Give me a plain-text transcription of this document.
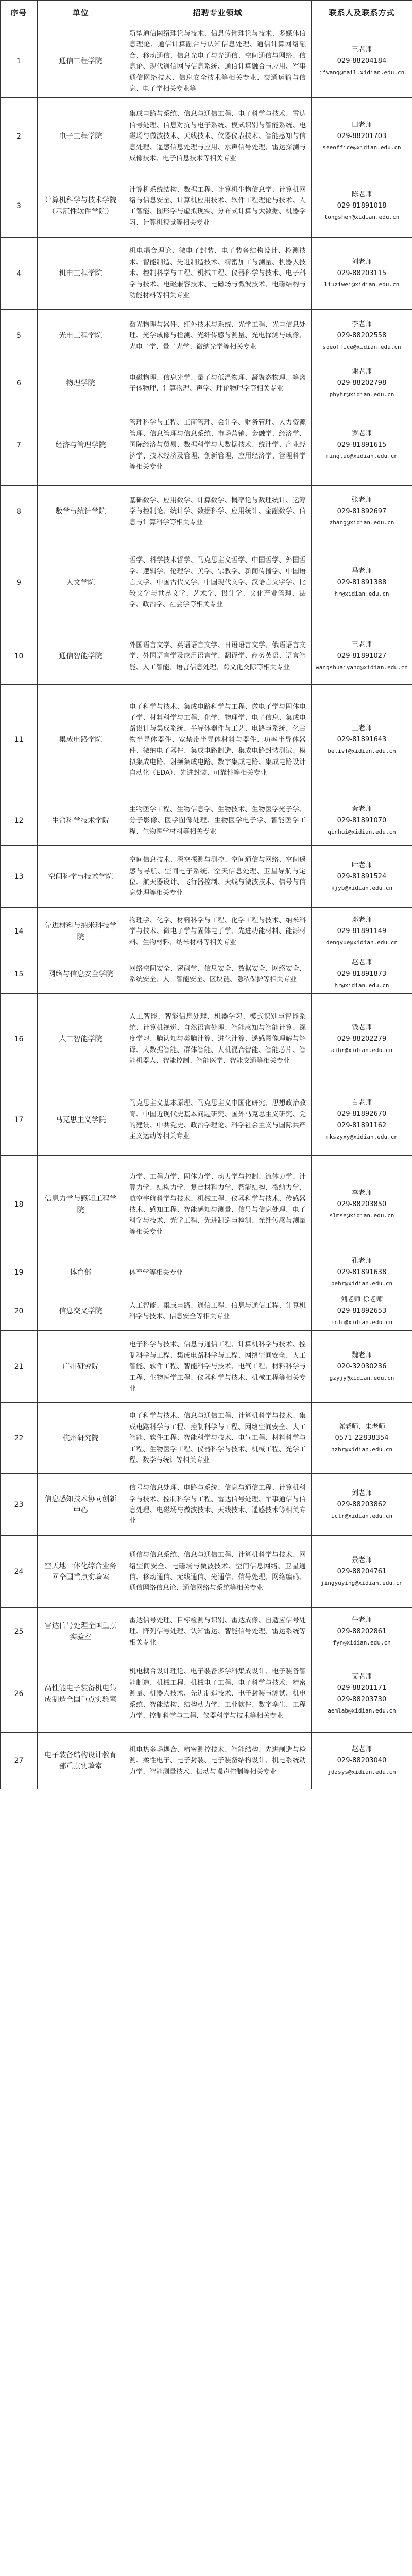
序号	单位	招聘专业领域	联系人及联系方式
1	通信工程学院	新型通信网络理论与技术、信息传输理论与技术、多媒体信息理论、通信计算融合与认知信息处理、通信计算网络融合、移动通信、信息光电子与光通信、空间通信与网络、信息论、现代通信网与信息系统、通信计算融合与应用、军事通信网络技术、信息安全技术等相关专业、交通运输与信息、电子学相关专业等	王老师
029-88204184
jfwang@mail.xidian.edu.cn

2	电子工程学院	集成电路与系统、信息与通信工程、电子科学与技术、雷达信号处理、信息对抗与电子系统、模式识别与智能系统、电磁场与微波技术、天线技术、仪器仪表技术、智能感知与信息处理、遥感信息处理与应用、水声信号处理、雷达探测与成像技术、电子信息技术等相关专业	田老师
029-88201703
seeoffice@xidian.edu.cn

3	计算机科学与技术学院（示范性软件学院）	计算机系统结构、数据工程、计算机生物信息学、计算机网络与信息安全、计算机应用技术、软件工程理论与技术、人工智能、图形学与虚拟现实、分布式计算与大数据、机器学习、计算机视觉等相关专业	陈老师
029-81891018
longshen@xidian.edu.cn

4	机电工程学院	机电耦合理论、微电子封装、电子装备结构设计、检测技术、智能制造、先进制造技术、精密加工与测量、机器人技术、控制科学与工程、机械工程、仪器科学与技术、电子科学与技术、电磁兼容技术、电磁场与微波技术、电磁结构与功能材料等相关专业	刘老师
029-88203115
liuziwei@xidian.edu.cn

5	光电工程学院	激光物理与器件、红外技术与系统、光学工程、光电信息处理、光学成像与检测、光纤传感与测量、光电探测与成像、光电子学、量子光学、微纳光学等相关专业	李老师
029-88202558
soeoffice@xidian.edu.cn

6	物理学院	电磁物理、信息光学、量子与低温物理、凝聚态物理、等离子体物理、计算物理、声学、理论物理学等相关专业	谢老师
029-88202798
phyhr@xidian.edu.cn

7	经济与管理学院	管理科学与工程、工商管理、会计学、财务管理、人力资源管理、信息管理与信息系统、市场营销、金融学、经济学、国际经济与贸易、数据科学与大数据技术、统计学、产业经济学、技术经济及管理、创新管理、应用经济学、管理科学等相关专业	罗老师
029-81891615
mingluo@xidian.edu.cn

8	数学与统计学院	基础数学、应用数学、计算数学、概率论与数理统计、运筹学与控制论、统计学、数据科学、应用统计、金融数学、信息与计算科学等相关专业	张老师
029-81892697
zhang@xidian.edu.cn

9	人文学院	哲学、科学技术哲学、马克思主义哲学、中国哲学、外国哲学、逻辑学、伦理学、美学、宗教学、新闻传播学、中国语言文学、中国古代文学、中国现代文学、汉语言文字学、比较文学与世界文学、艺术学、设计学、文化产业管理、法学、政治学、社会学等相关专业	马老师
029-81891388
hr@xidian.edu.cn

10	通信智能学院	外国语言文学、英语语言文学、日语语言文学、俄语语言文学、外国语言学及应用语言学、翻译学、商务英语、语言智能、人工智能、语言信息处理、跨文化交际等相关专业	王老师
029-81891027
wangshuaiyang@xidian.edu.cn

11	集成电路学院	电子科学与技术、集成电路科学与工程、微电子学与固体电子学、材料科学与工程、化学、物理学、电子信息、集成电路设计与集成系统、半导体器件与工艺、电路与系统、化合物半导体器件、宽禁带半导体材料与器件、功率半导体器件、微纳电子器件、集成电路制造、集成电路封装测试、模拟集成电路、射频集成电路、数字集成电路、集成电路设计自动化（EDA）、先进封装、可靠性等相关专业	王老师
029-81891643
belivf@xidian.edu.cn

12	生命科学技术学院	生物医学工程、生物信息学、生物技术、生物医学光子学、分子影像、医学图像处理、生物医学电子学、智能医学工程、生物医学材料等相关专业	秦老师
029-81891070
qinhui@xidian.edu.cn

13	空间科学与技术学院	空间信息技术、深空探测与测控、空间通信与网络、空间遥感与导航、空间电子系统、空天信息处理、卫星导航与定位、航天器设计、飞行器控制、天线与微波技术、信号与信息处理等相关专业	叶老师
029-81891524
kjyb@xidian.edu.cn

14	先进材料与纳米科技学院	物理学、化学、材料科学与工程、化学工程与技术、纳米科学与技术、微电子学与固体电子学、先进功能材料、能源材料、生物材料、纳米材料等相关专业	邓老师
029-81891149
dengyue@xidian.edu.cn

15	网络与信息安全学院	网络空间安全、密码学、信息安全、数据安全、网络安全、系统安全、人工智能安全、区块链、隐私保护等相关专业	赵老师
029-81891873
hr@xidian.edu.cn

16	人工智能学院	人工智能、智能信息处理、机器学习、模式识别与智能系统、计算机视觉、自然语言处理、智能感知与智能计算、深度学习、脑认知与类脑计算、进化计算、遥感图像理解与解译、大数据智能、群体智能、人机混合智能、智能芯片、智能机器人、智能控制、智能医学、智能交通等相关专业	钱老师
029-88202279
aihr@xidian.edu.cn

17	马克思主义学院	马克思主义基本原理、马克思主义中国化研究、思想政治教育、中国近现代史基本问题研究、国外马克思主义研究、党的建设、中共党史、政治学理论、科学社会主义与国际共产主义运动等相关专业	白老师
029-81892670
029-81891162
mkszyxy@xidian.edu.cn

18	信息力学与感知工程学院	力学、工程力学、固体力学、动力学与控制、流体力学、计算力学、结构力学、复合材料力学、智能结构、微纳力学、航空宇航科学与技术、机械工程、仪器科学与技术、传感器技术、感知工程、智能感知与测量、信号与信息处理、电子科学与技术、光学工程、先进制造与检测、光纤传感与测量等相关专业	李老师
029-88203850
slmse@xidian.edu.cn

19	体育部	体育学等相关专业	孔老师
029-81891638
pehr@xidian.edu.cn

20	信息交叉学院	人工智能、集成电路、通信工程、信息与通信工程、计算机科学与技术、信息安全等相关专业	刘老师 徐老师
029-81892653
info@xidian.edu.cn

21	广州研究院	电子科学与技术、信息与通信工程、计算机科学与技术、控制科学与工程、集成电路科学与工程、网络空间安全、人工智能、软件工程、智能科学与技术、电气工程、材料科学与工程、生物医学工程、仪器科学与技术、机械工程等相关专业	魏老师
020-32030236
gzyjy@xidian.edu.cn

22	杭州研究院	电子科学与技术、信息与通信工程、计算机科学与技术、集成电路科学与工程、控制科学与工程、网络空间安全、人工智能、软件工程、智能科学与技术、电气工程、材料科学与工程、生物医学工程、仪器科学与技术、机械工程、光学工程、数学与统计等相关专业	陈老师、朱老师
0571-22838354
hzhr@xidian.edu.cn

23	信息感知技术协同创新中心	信号与信息处理、电路与系统、信息与通信工程、计算机科学与技术、控制科学与工程、雷达信号处理、军事通信与信息处理、电磁场与微波技术、天线技术、遥感技术等相关专业	刘老师
029-88203862
ictr@xidian.edu.cn

24	空天地一体化综合业务网全国重点实验室	通信与信息系统、信息与通信工程、计算机科学与技术、网络空间安全、电磁场与微波技术、空间信息网络、卫星通信、移动通信、无线通信、光通信、信号处理、网络编码、通信网络信息论、通信网络与系统等相关专业	景老师
029-88204761
jingyuying@xidian.edu.cn

25	雷达信号处理全国重点实验室	雷达信号处理、目标检测与识别、雷达成像、自适应信号处理、阵列信号处理、认知雷达、智能信号处理、雷达系统等相关专业	牛老师
029-88202861
fyn@xidian.edu.cn

26	高性能电子装备机电集成制造全国重点实验室	机电耦合设计理论、电子装备多学科集成设计、电子装备智能制造、机械工程、机械电子工程、电子科学与技术、精密测量、机器人技术、先进制造技术、电子封装与测试、机电系统、智能结构、结构动力学、工业软件、数字孪生、工程力学、控制科学与工程、仪器科学与技术等相关专业	艾老师
029-88201171
029-88203730
aemlab@xidian.edu.cn

27	电子装备结构设计教育部重点实验室	机电热多场耦合、精密测控技术、智能结构、先进制造与检测、柔性电子、电子封装、电子装备结构设计、机电系统动力学、智能测量技术、振动与噪声控制等相关专业	赵老师
029-88203040
jdzsys@xidian.edu.cn
